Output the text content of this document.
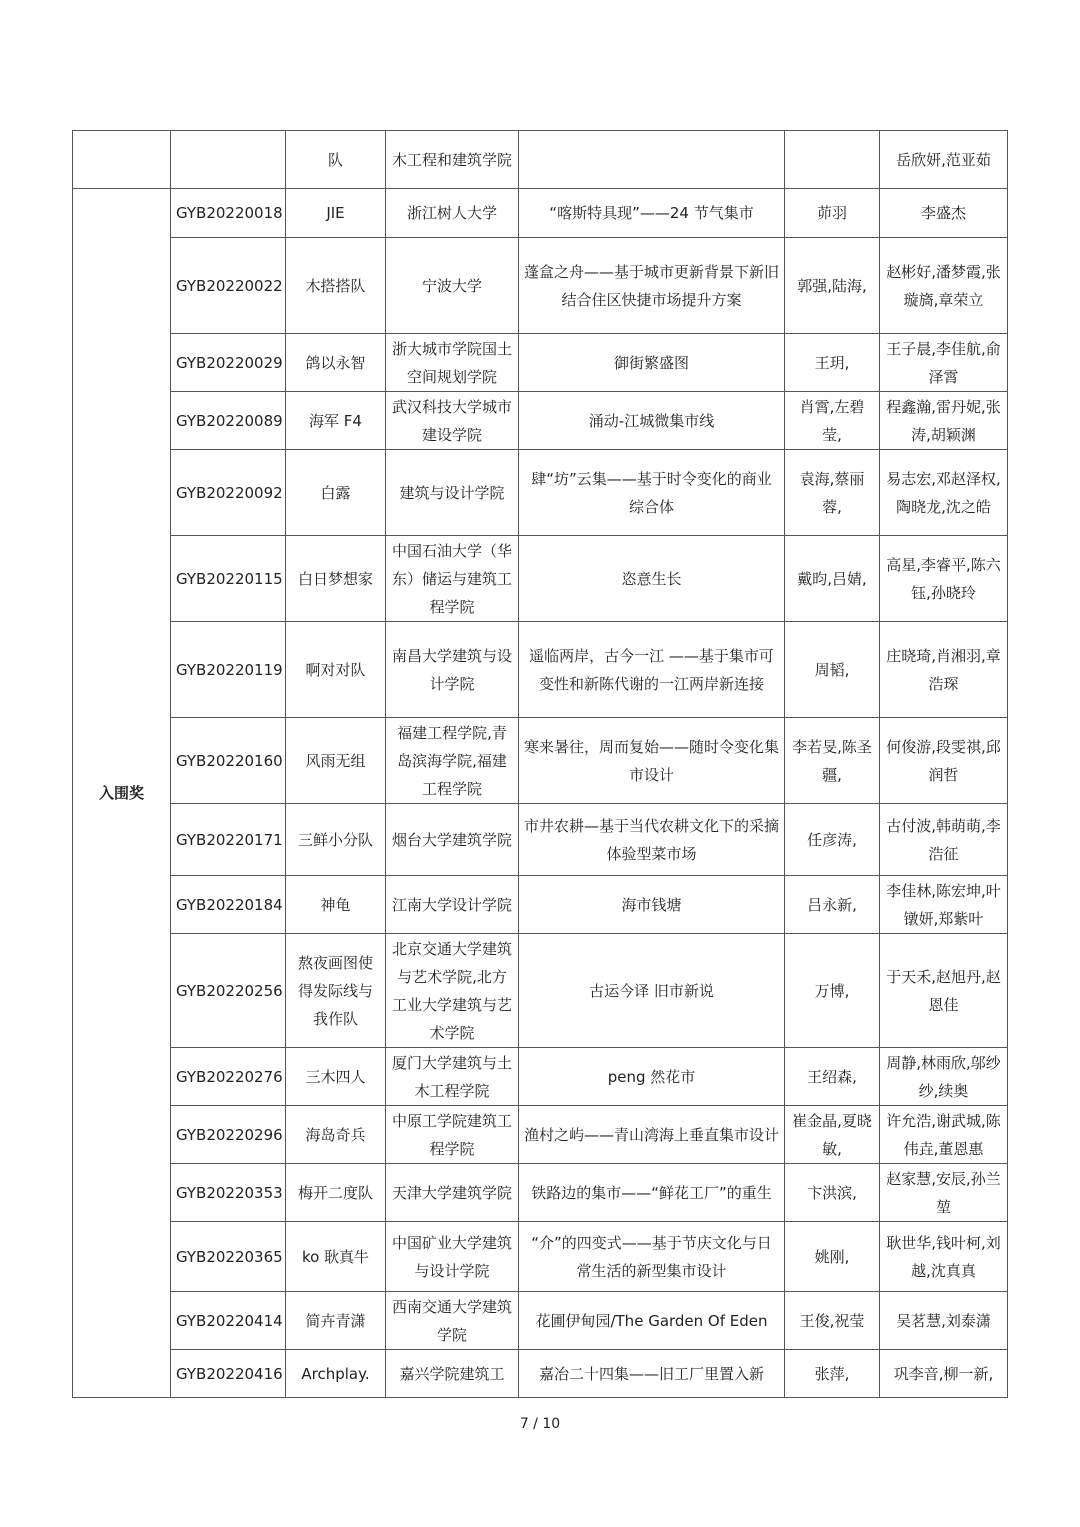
		队	木工程和建筑学院			岳欣妍,范亚茹
入围奖	GYB20220018	JIE	浙江树人大学	“喀斯特具现”——24 节气集市	茆羽	李盛杰
	GYB20220022	木搭搭队	宁波大学	蓬盒之舟——基于城市更新背景下新旧结合住区快捷市场提升方案	郭强,陆海,	赵彬好,潘梦霞,张璇旖,章荣立
	GYB20220029	鸽以永智	浙大城市学院国土空间规划学院	御街繁盛图	王玥,	王子晨,李佳航,俞泽霄
	GYB20220089	海军 F4	武汉科技大学城市建设学院	涌动-江城微集市线	肖霄,左碧莹,	程鑫瀚,雷丹妮,张涛,胡颖渊
	GYB20220092	白露	建筑与设计学院	肆“坊”云集——基于时令变化的商业综合体	袁海,蔡丽蓉,	易志宏,邓赵泽权,陶晓龙,沈之皓
	GYB20220115	白日梦想家	中国石油大学（华东）储运与建筑工程学院	恣意生长	戴昀,吕婧,	高星,李睿平,陈六钰,孙晓玲
	GYB20220119	啊对对队	南昌大学建筑与设计学院	遥临两岸，古今一江 ——基于集市可变性和新陈代谢的一江两岸新连接	周韬,	庄晓琦,肖湘羽,章浩琛
	GYB20220160	风雨无组	福建工程学院,青岛滨海学院,福建工程学院	寒来暑往，周而复始——随时令变化集市设计	李若旻,陈圣疆,	何俊游,段雯祺,邱润哲
	GYB20220171	三鲜小分队	烟台大学建筑学院	市井农耕—基于当代农耕文化下的采摘体验型菜市场	任彦涛,	古付波,韩萌萌,李浩征
	GYB20220184	神龟	江南大学设计学院	海市钱塘	吕永新,	李佳林,陈宏坤,叶镦妍,郑紫叶
	GYB20220256	熬夜画图使得发际线与我作队	北京交通大学建筑与艺术学院,北方工业大学建筑与艺术学院	古运今译 旧市新说	万博,	于天禾,赵旭丹,赵恩佳
	GYB20220276	三木四人	厦门大学建筑与土木工程学院	peng 然花市	王绍森,	周静,林雨欣,邬纱纱,续奥
	GYB20220296	海岛奇兵	中原工学院建筑工程学院	渔村之屿——青山湾海上垂直集市设计	崔金晶,夏晓敏,	许允浩,谢武城,陈伟垚,董恩惠
	GYB20220353	梅开二度队	天津大学建筑学院	铁路边的集市——“鲜花工厂”的重生	卞洪滨,	赵家慧,安辰,孙兰堃
	GYB20220365	ko 耿真牛	中国矿业大学建筑与设计学院	“介”的四变式——基于节庆文化与日常生活的新型集市设计	姚刚,	耿世华,钱叶柯,刘越,沈真真
	GYB20220414	简卉青潇	西南交通大学建筑学院	花圃伊甸园/The Garden Of Eden	王俊,祝莹	吴茗慧,刘泰潇
	GYB20220416	Archplay.	嘉兴学院建筑工	嘉冶二十四集——旧工厂里置入新	张萍,	巩李音,柳一新,
7 / 10
